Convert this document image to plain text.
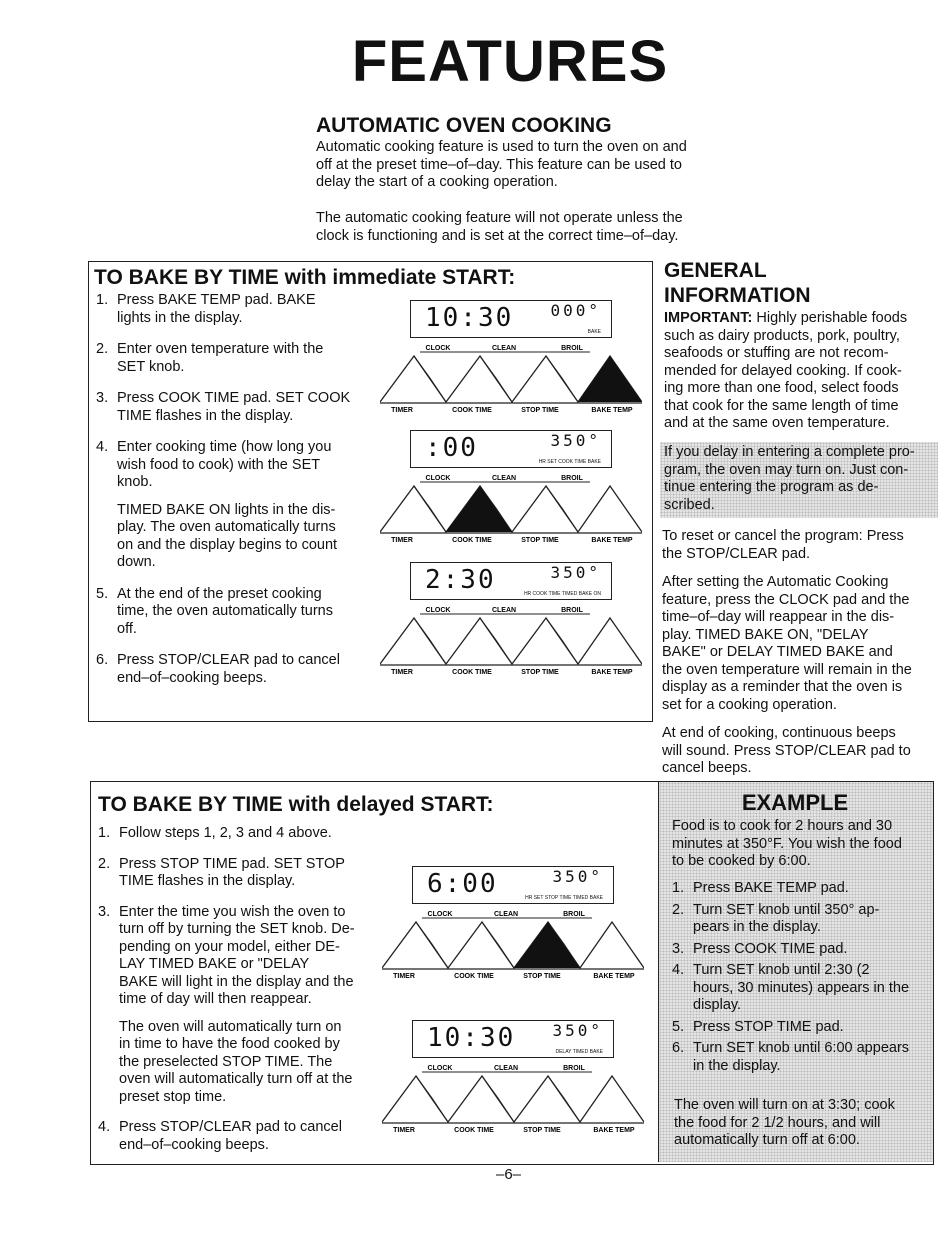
FEATURES
AUTOMATIC OVEN COOKING
Automatic cooking feature is used to turn the oven on and
off at the preset time–of–day. This feature can be used to
delay the start of a cooking operation.
The automatic cooking feature will not operate unless the
clock is functioning and is set at the correct time–of–day.
TO BAKE BY TIME with immediate START:
1. Press BAKE TEMP pad. BAKE
lights in the display.
2. Enter oven temperature with the
SET knob.
3. Press COOK TIME pad. SET COOK
TIME flashes in the display.
4. Enter cooking time (how long you
wish food to cook) with the SET
knob.

TIMED BAKE ON lights in the dis-
play. The oven automatically turns
on and the display begins to count
down.

5. At the end of the preset cooking
time, the oven automatically turns
off.
6. Press STOP/CLEAR pad to cancel
end–of–cooking beeps.
10:30 000°
BAKE
CLOCK	CLEAN	BROIL
TIMER	COOK TIME	STOP TIME	BAKE TEMP
:00	350°
HR SET COOK TIME BAKE
CLOCK	CLEAN	BROIL
TIMER	COOK TIME	STOP TIME	BAKE TEMP
2:30	350°
HR COOK TIME TIMED BAKE ON
CLOCK	CLEAN	BROIL
TIMER	COOK TIME	STOP TIME	BAKE TEMP
GENERAL
INFORMATION
IMPORTANT: Highly perishable foods
such as dairy products, pork, poultry,
seafoods or stuffing are not recom-
mended for delayed cooking. If cook-
ing more than one food, select foods
that cook for the same length of time
and at the same oven temperature.
If you delay in entering a complete pro-
gram, the oven may turn on. Just con-
tinue entering the program as de-
scribed.
To reset or cancel the program: Press
the STOP/CLEAR pad.
After setting the Automatic Cooking
feature, press the CLOCK pad and the
time–of–day will reappear in the dis-
play. TIMED BAKE ON, "DELAY
BAKE" or DELAY TIMED BAKE and
the oven temperature will remain in the
display as a reminder that the oven is
set for a cooking operation.
At end of cooking, continuous beeps
will sound. Press STOP/CLEAR pad to
cancel beeps.
TO BAKE BY TIME with delayed START:
1. Follow steps 1, 2, 3 and 4 above.
2. Press STOP TIME pad. SET STOP
TIME flashes in the display.
3. Enter the time you wish the oven to
turn off by turning the SET knob. De-
pending on your model, either DE-
LAY TIMED BAKE or "DELAY
BAKE will light in the display and the
time of day will then reappear.

The oven will automatically turn on
in time to have the food cooked by
the preselected STOP TIME. The
oven will automatically turn off at the
preset stop time.

4. Press STOP/CLEAR pad to cancel
end–of–cooking beeps.
6:00	350°
HR SET STOP TIME TIMED BAKE
CLOCK	CLEAN	BROIL
TIMER	COOK TIME	STOP TIME	BAKE TEMP
10:30 350°
DELAY TIMED BAKE
CLOCK	CLEAN	BROIL
TIMER	COOK TIME	STOP TIME	BAKE TEMP
EXAMPLE
Food is to cook for 2 hours and 30
minutes at 350°F. You wish the food
to be cooked by 6:00.
1. Press BAKE TEMP pad.
2. Turn SET knob until 350° ap-
pears in the display.
3. Press COOK TIME pad.
4. Turn SET knob until 2:30 (2
hours, 30 minutes) appears in the
display.
5. Press STOP TIME pad.
6. Turn SET knob until 6:00 appears
in the display.
The oven will turn on at 3:30; cook
the food for 2 1/2 hours, and will
automatically turn off at 6:00.
–6–
